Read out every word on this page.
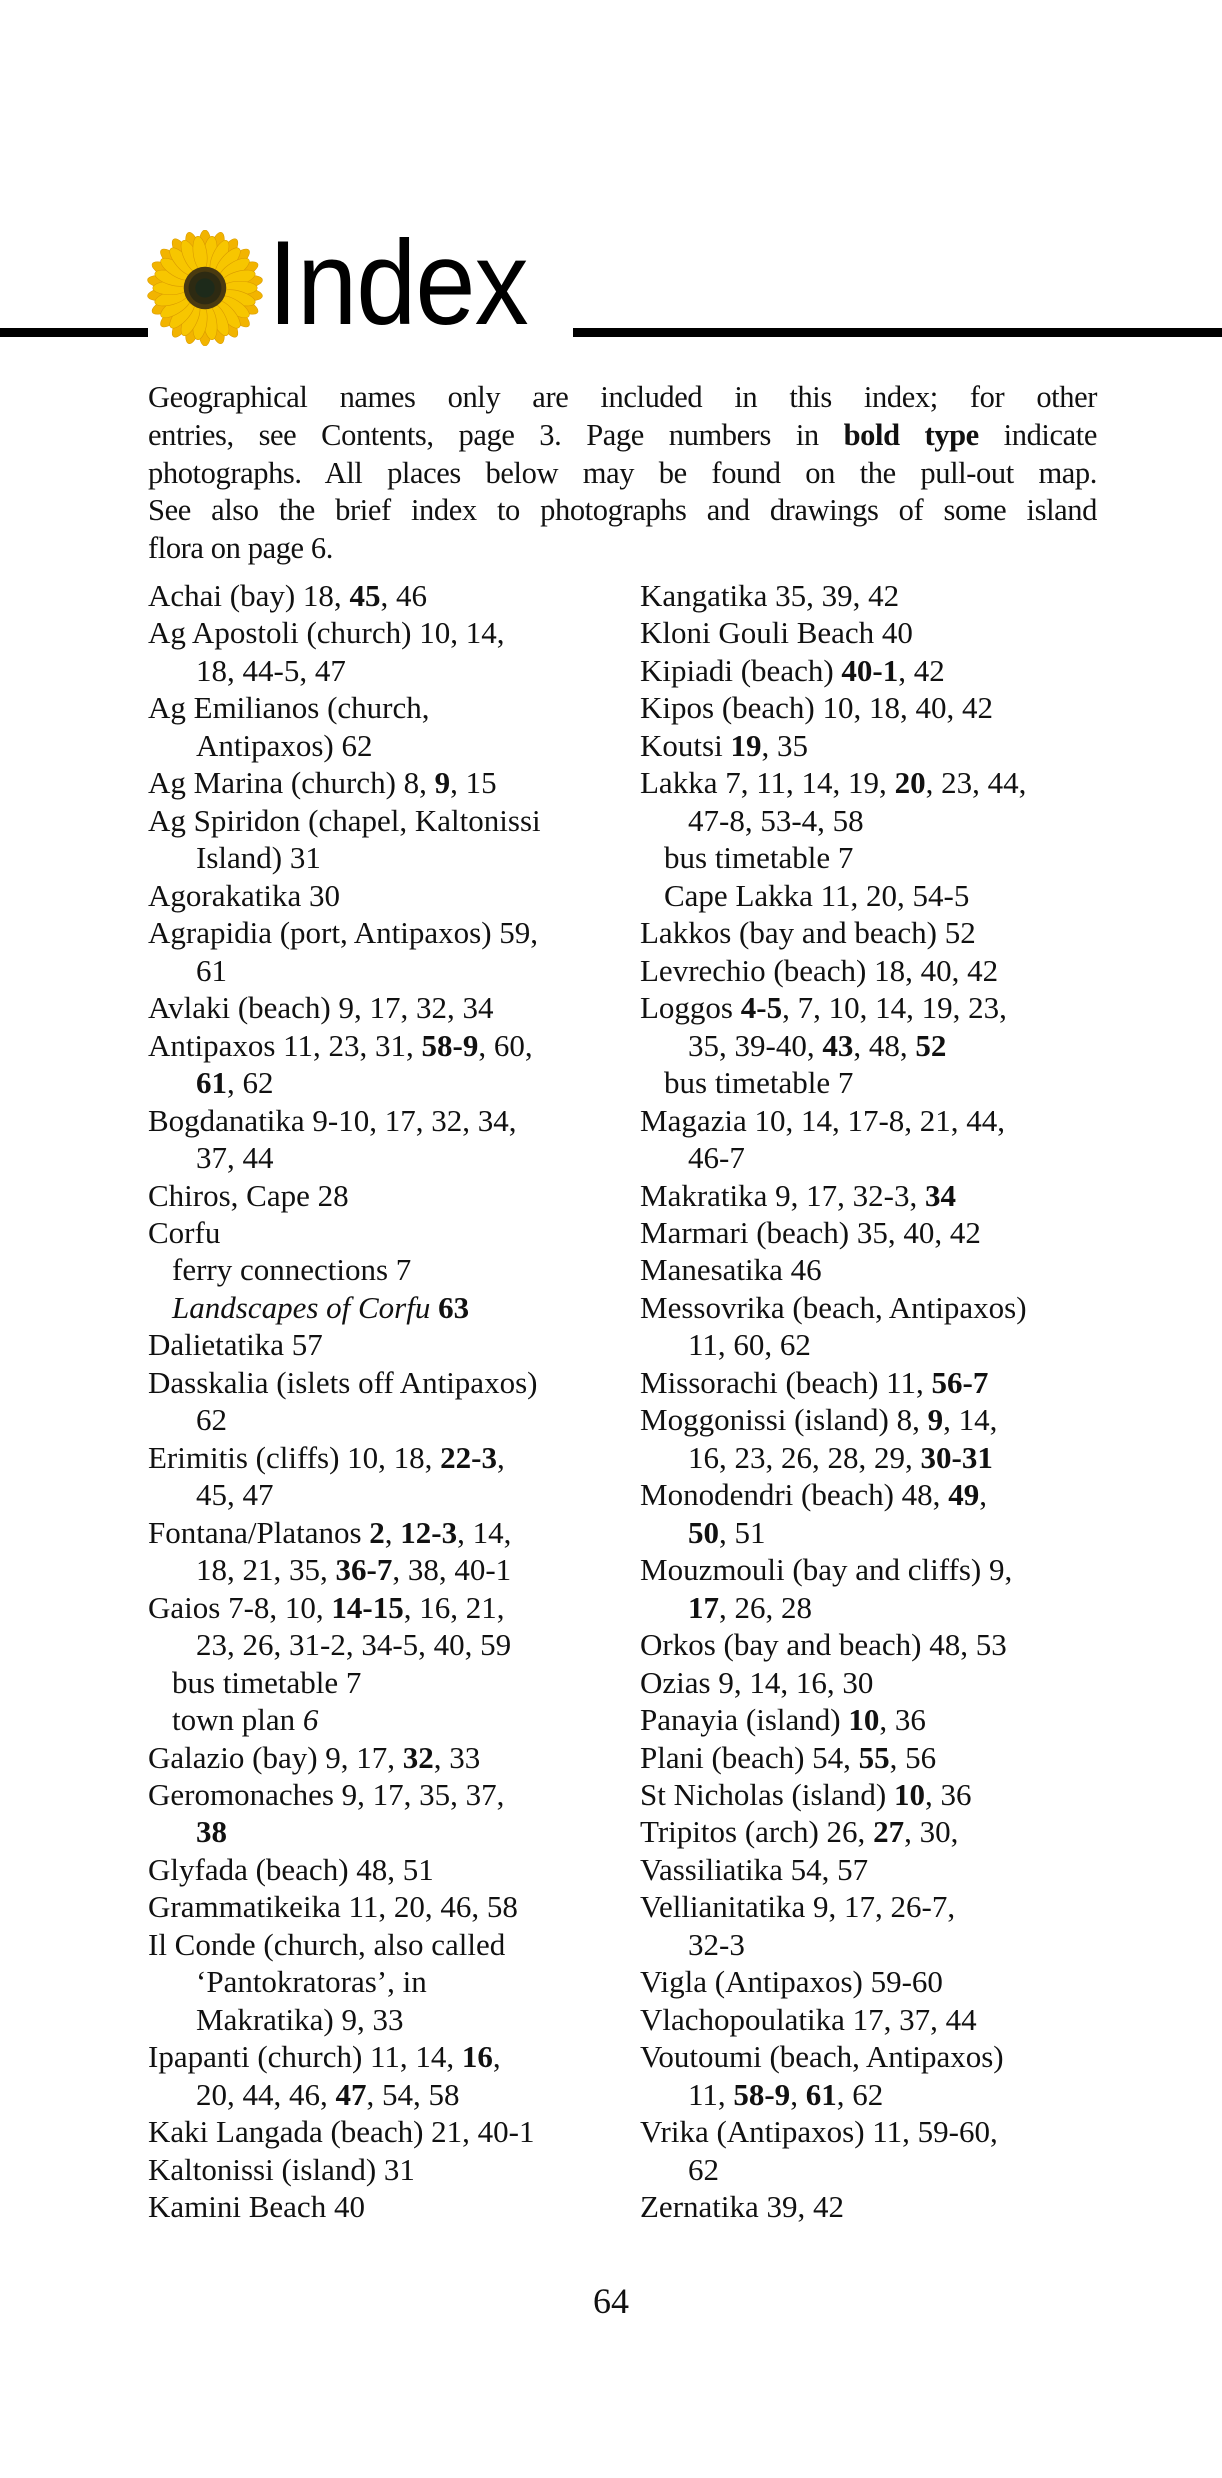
Index
Geographical names only are included in this index; for other
entries, see Contents, page 3. Page numbers in bold type indicate
photographs. All places below may be found on the pull-out map.
See also the brief index to photographs and drawings of some island
flora on page 6.
Achai (bay) 18, 45, 46
Ag Apostoli (church) 10, 14,
18, 44-5, 47
Ag Emilianos (church,
Antipaxos) 62
Ag Marina (church) 8, 9, 15
Ag Spiridon (chapel, Kaltonissi
Island) 31
Agorakatika 30
Agrapidia (port, Antipaxos) 59,
61
Avlaki (beach) 9, 17, 32, 34
Antipaxos 11, 23, 31, 58-9, 60,
61, 62
Bogdanatika 9-10, 17, 32, 34,
37, 44
Chiros, Cape 28
Corfu
ferry connections 7
Landscapes of Corfu 63
Dalietatika 57
Dasskalia (islets off Antipaxos)
62
Erimitis (cliffs) 10, 18, 22-3,
45, 47
Fontana/Platanos 2, 12-3, 14,
18, 21, 35, 36-7, 38, 40-1
Gaios 7-8, 10, 14-15, 16, 21,
23, 26, 31-2, 34-5, 40, 59
bus timetable 7
town plan 6
Galazio (bay) 9, 17, 32, 33
Geromonaches 9, 17, 35, 37,
38
Glyfada (beach) 48, 51
Grammatikeika 11, 20, 46, 58
Il Conde (church, also called
‘Pantokratoras’, in
Makratika) 9, 33
Ipapanti (church) 11, 14, 16,
20, 44, 46, 47, 54, 58
Kaki Langada (beach) 21, 40-1
Kaltonissi (island) 31
Kamini Beach 40
Kangatika 35, 39, 42
Kloni Gouli Beach 40
Kipiadi (beach) 40-1, 42
Kipos (beach) 10, 18, 40, 42
Koutsi 19, 35
Lakka 7, 11, 14, 19, 20, 23, 44,
47-8, 53-4, 58
bus timetable 7
Cape Lakka 11, 20, 54-5
Lakkos (bay and beach) 52
Levrechio (beach) 18, 40, 42
Loggos 4-5, 7, 10, 14, 19, 23,
35, 39-40, 43, 48, 52
bus timetable 7
Magazia 10, 14, 17-8, 21, 44,
46-7
Makratika 9, 17, 32-3, 34
Marmari (beach) 35, 40, 42
Manesatika 46
Messovrika (beach, Antipaxos)
11, 60, 62
Missorachi (beach) 11, 56-7
Moggonissi (island) 8, 9, 14,
16, 23, 26, 28, 29, 30-31
Monodendri (beach) 48, 49,
50, 51
Mouzmouli (bay and cliffs) 9,
17, 26, 28
Orkos (bay and beach) 48, 53
Ozias 9, 14, 16, 30
Panayia (island) 10, 36
Plani (beach) 54, 55, 56
St Nicholas (island) 10, 36
Tripitos (arch) 26, 27, 30,
Vassiliatika 54, 57
Vellianitatika 9, 17, 26-7,
32-3
Vigla (Antipaxos) 59-60
Vlachopoulatika 17, 37, 44
Voutoumi (beach, Antipaxos)
11, 58-9, 61, 62
Vrika (Antipaxos) 11, 59-60,
62
Zernatika 39, 42
64
